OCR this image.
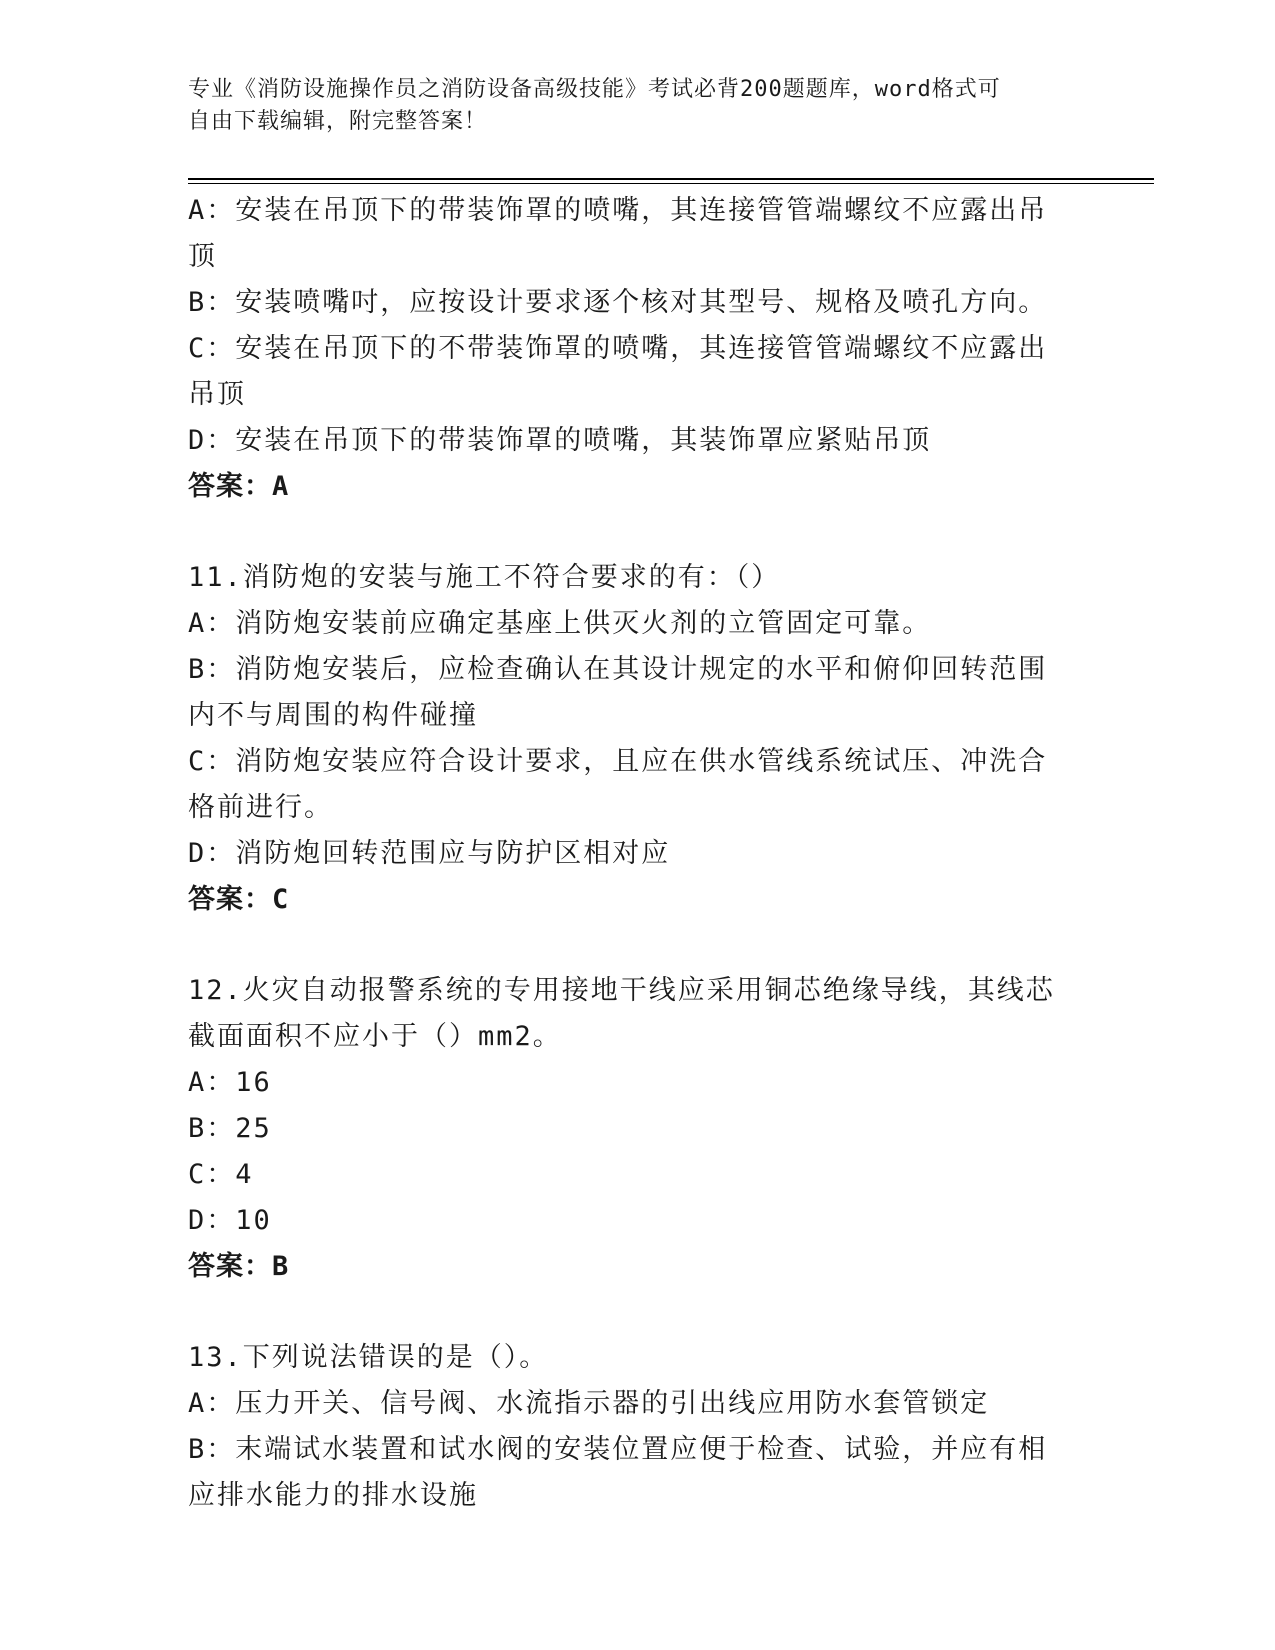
专业《消防设施操作员之消防设备高级技能》考试必背200题题库，word格式可
自由下载编辑，附完整答案！
A：安装在吊顶下的带装饰罩的喷嘴，其连接管管端螺纹不应露出吊顶
B：安装喷嘴吋，应按设计要求逐个核对其型号、规格及喷孔方向。
C：安装在吊顶下的不带装饰罩的喷嘴，其连接管管端螺纹不应露出吊顶
D：安装在吊顶下的带装饰罩的喷嘴，其装饰罩应紧贴吊顶
答案：A
11.消防炮的安装与施工不符合要求的有：（）
A：消防炮安装前应确定基座上供灭火剂的立管固定可靠。
B：消防炮安装后，应检查确认在其设计规定的水平和俯仰回转范围内不与周围的构件碰撞
C：消防炮安装应符合设计要求，且应在供水管线系统试压、冲洗合格前进行。
D：消防炮回转范围应与防护区相对应
答案：C
12.火灾自动报警系统的专用接地干线应采用铜芯绝缘导线，其线芯截面面积不应小于（）mm2。
A：16
B：25
C：4
D：10
答案：B
13.下列说法错误的是（）。
A：压力开关、信号阀、水流指示器的引出线应用防水套管锁定
B：末端试水装置和试水阀的安装位置应便于检查、试验，并应有相应排水能力的排水设施
